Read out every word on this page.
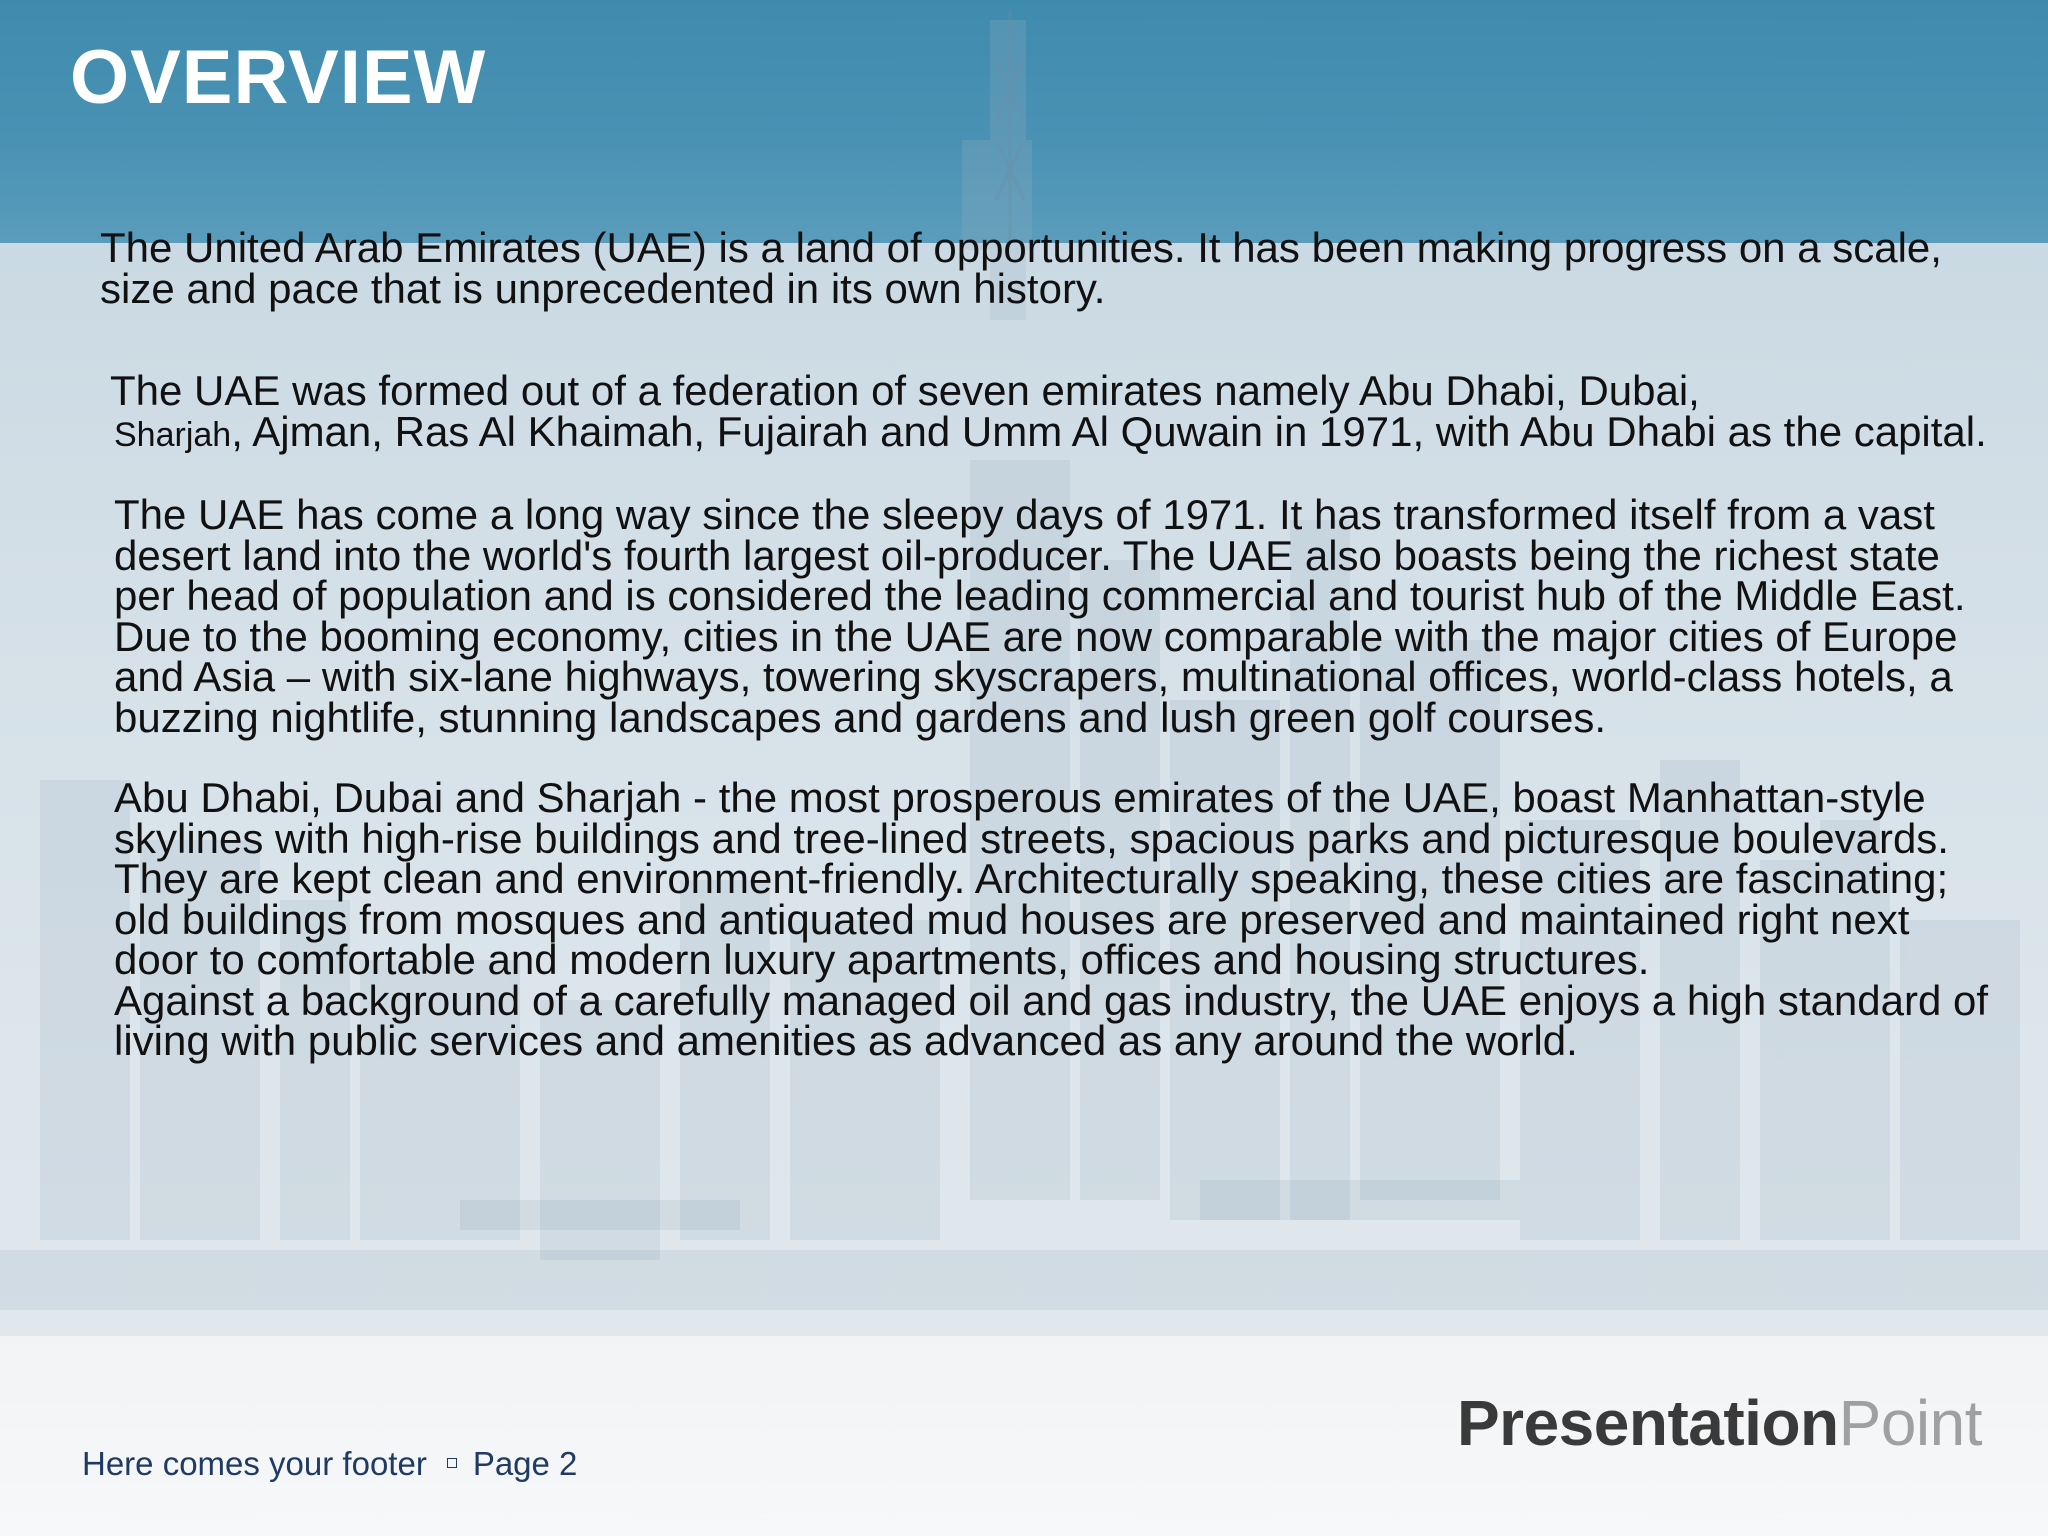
OVERVIEW

The United Arab Emirates (UAE) is a land of opportunities. It has been making progress on a scale, size and pace that is unprecedented in its own history.

The UAE was formed out of a federation of seven emirates namely Abu Dhabi, Dubai,
Sharjah, Ajman, Ras Al Khaimah, Fujairah and Umm Al Quwain in 1971, with Abu Dhabi as the capital.

The UAE has come a long way since the sleepy days of 1971. It has transformed itself from a vast desert land into the world's fourth largest oil-producer. The UAE also boasts being the richest state per head of population and is considered the leading commercial and tourist hub of the Middle East. Due to the booming economy, cities in the UAE are now comparable with the major cities of Europe and Asia – with six-lane highways, towering skyscrapers, multinational offices, world-class hotels, a buzzing nightlife, stunning landscapes and gardens and lush green golf courses.

Abu Dhabi, Dubai and Sharjah - the most prosperous emirates of the UAE, boast Manhattan-style skylines with high-rise buildings and tree-lined streets, spacious parks and picturesque boulevards. They are kept clean and environment-friendly. Architecturally speaking, these cities are fascinating; old buildings from mosques and antiquated mud houses are preserved and maintained right next door to comfortable and modern luxury apartments, offices and housing structures.

Against a background of a carefully managed oil and gas industry, the UAE enjoys a high standard of living with public services and amenities as advanced as any around the world.

PresentationPoint
Here comes your footer Page 2
